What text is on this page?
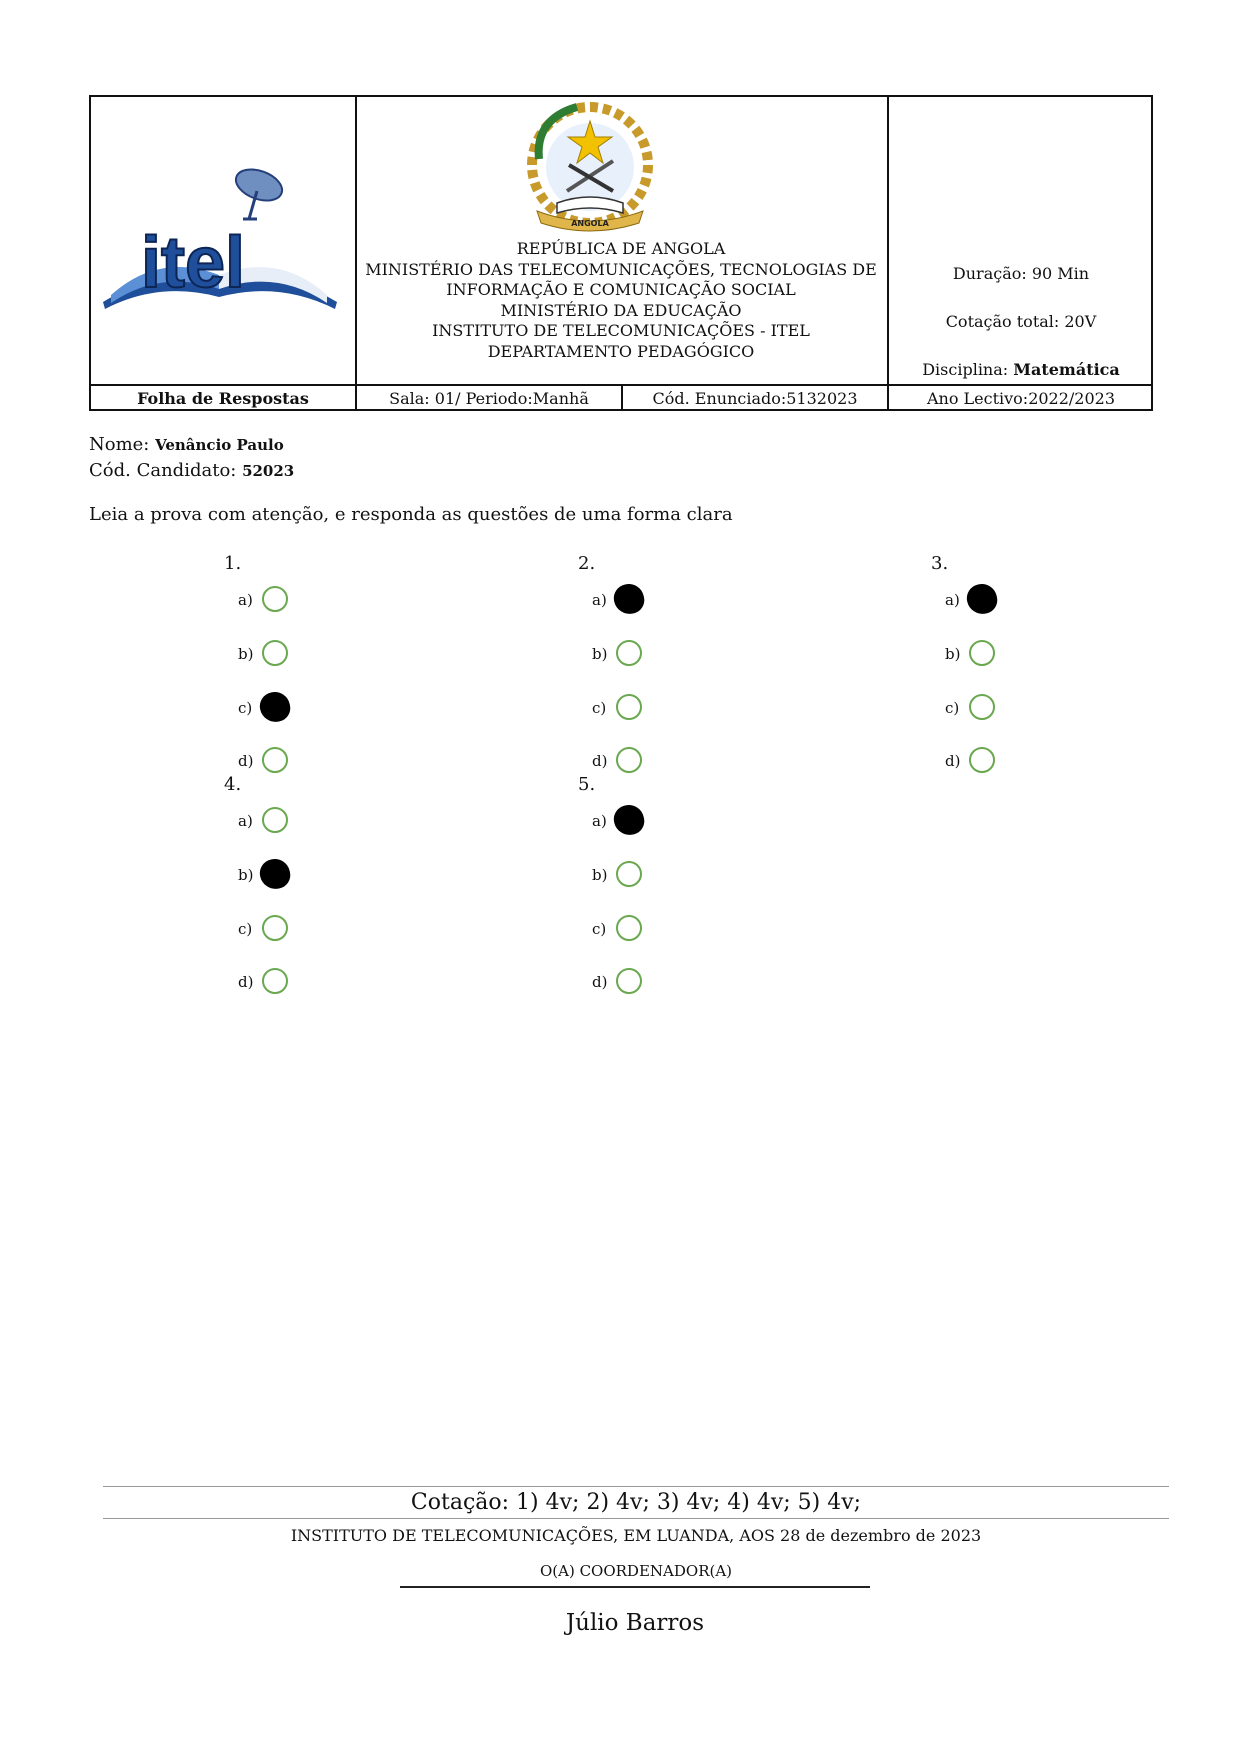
itel	ANGOLA
REPÚBLICA DE ANGOLA
MINISTÉRIO DAS TELECOMUNICAÇÕES, TECNOLOGIAS DE
INFORMAÇÃO E COMUNICAÇÃO SOCIAL
MINISTÉRIO DA EDUCAÇÃO
INSTITUTO DE TELECOMUNICAÇÕES - ITEL
DEPARTAMENTO PEDAGÓGICO
Duração: 90 Min
Cotação total: 20V
Disciplina: Matemática
Folha de Respostas	Sala: 01/ Periodo:Manhã	Cód. Enunciado:5132023	Ano Lectivo:2022/2023
Nome: Venâncio Paulo
Cód. Candidato: 52023
Leia a prova com atenção, e responda as questões de uma forma clara
1.
a)
b)
c)
d)
2.
a)
b)
c)
d)
3.
a)
b)
c)
d)
4.
a)
b)
c)
d)
5.
a)
b)
c)
d)
Cotação: 1) 4v; 2) 4v; 3) 4v; 4) 4v; 5) 4v;
INSTITUTO DE TELECOMUNICAÇÕES, EM LUANDA, AOS 28 de dezembro de 2023
O(A) COORDENADOR(A)
Júlio Barros
